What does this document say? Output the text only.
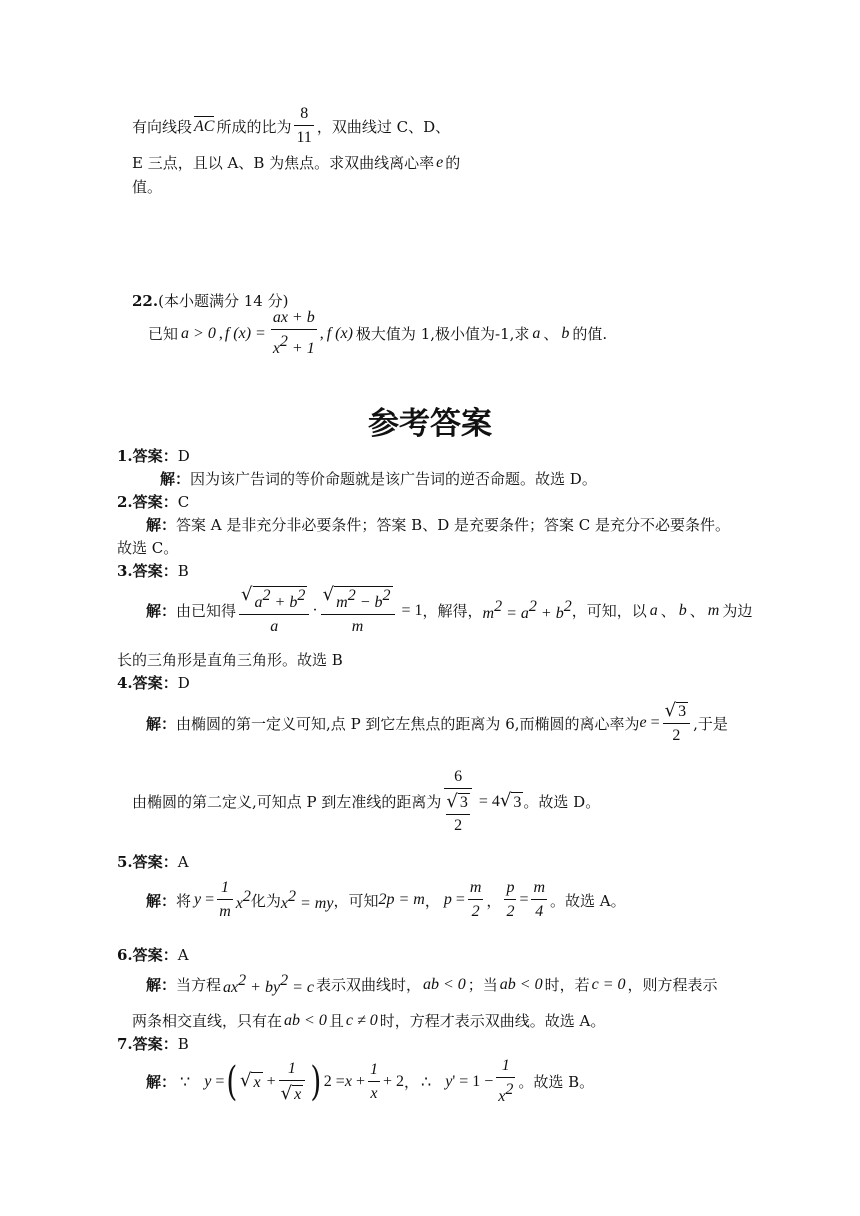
有向线段 AC 所成的比为 $\frac{8}{11}$ ，双曲线过 C、D、
E 三点，且以 A、B 为焦点。求双曲线离心率 e 的
值。
22. (本小题满分 14 分)
已知 a > 0 , f $(x) = \frac{ax + b}{x^2 + 1}$ , f (x) 极大值为 1,极小值为-1,求 a 、 b 的值.
参考答案
1. 答案 ： D
解 ： 因为该广告词的等价命题就是该广告词的逆否命题。故选 D。
2. 答案 ： C
解 ： 答案 A 是非充分非必要条件；答案 B、D 是充要条件；答案 C 是充分不必要条件。
故选 C。
3. 答案 ： B
解 ： 由已知得 $\frac{√ a^2 + b^2}{a} \cdot \frac{√ m^2 - b^2}{m} = 1$ ，解得， $m^2 = a^2 + b^2$ ，可知，以 a 、 b 、 m 为边
长的三角形是直角三角形。故选 B
4. 答案 ： D
解 ： 由椭圆的第一定义可知,点 P 到它左焦点的距离为 6,而椭圆的离心率为 $e = \frac{√ 3}{2}$ ,于是
由椭圆的第二定义,可知点 P 到左准线的距离为 6
√ 3
2 = 4 √ 3 。故选 D。
5. 答案 ： A
解 ： 将 $y = \frac{1}{m} x^2$ 化为 $x^2$ = my ，可知 2p = m ， $p = \frac{m}{2}$ ， $\frac{p}{2} = \frac{m}{4}$ 。故选 A。
6. 答案 ： A
解 ： 当方程 $ax^2 + by^2 = c$ 表示双曲线时， ab < 0 ；当 ab < 0 时，若 c = 0 ，则方程表示
两条相交直线，只有在 ab < 0 且 c ≠ 0 时，方程才表示双曲线。故选 A。
7. 答案 ： B
解 ： ∵ y = ( √ $x + \frac{1}{√ x}$ ) $2 = x + \frac{1}{x} + 2$ ， ∴ y ' = $1 - \frac{1}{x^2}$ 。故选 B。
